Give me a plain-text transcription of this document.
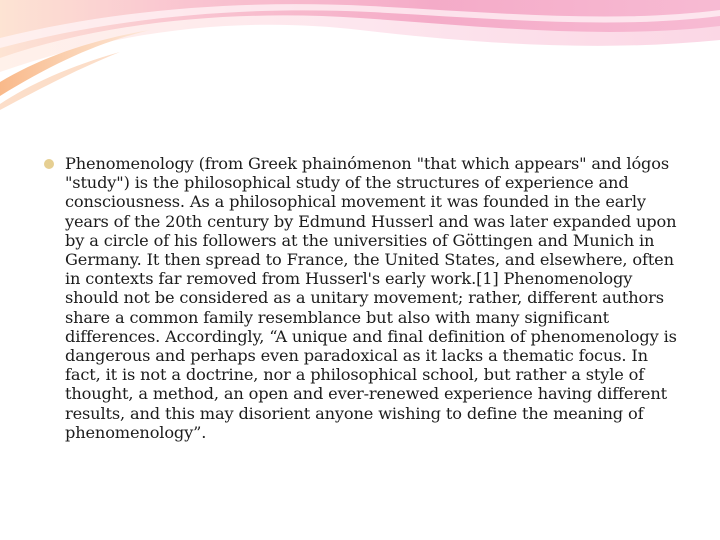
Phenomenology (from Greek phainómenon "that which appears" and lógos "study") is the philosophical study of the structures of experience and consciousness. As a philosophical movement it was founded in the early years of the 20th century by Edmund Husserl and was later expanded upon by a circle of his followers at the universities of Göttingen and Munich in Germany. It then spread to France, the United States, and elsewhere, often in contexts far removed from Husserl's early work.[1] Phenomenology should not be considered as a unitary movement; rather, different authors share a common family resemblance but also with many significant differences. Accordingly, “A unique and final definition of phenomenology is dangerous and perhaps even paradoxical as it lacks a thematic focus. In fact, it is not a doctrine, nor a philosophical school, but rather a style of thought, a method, an open and ever-renewed experience having different results, and this may disorient anyone wishing to define the meaning of phenomenology”.
